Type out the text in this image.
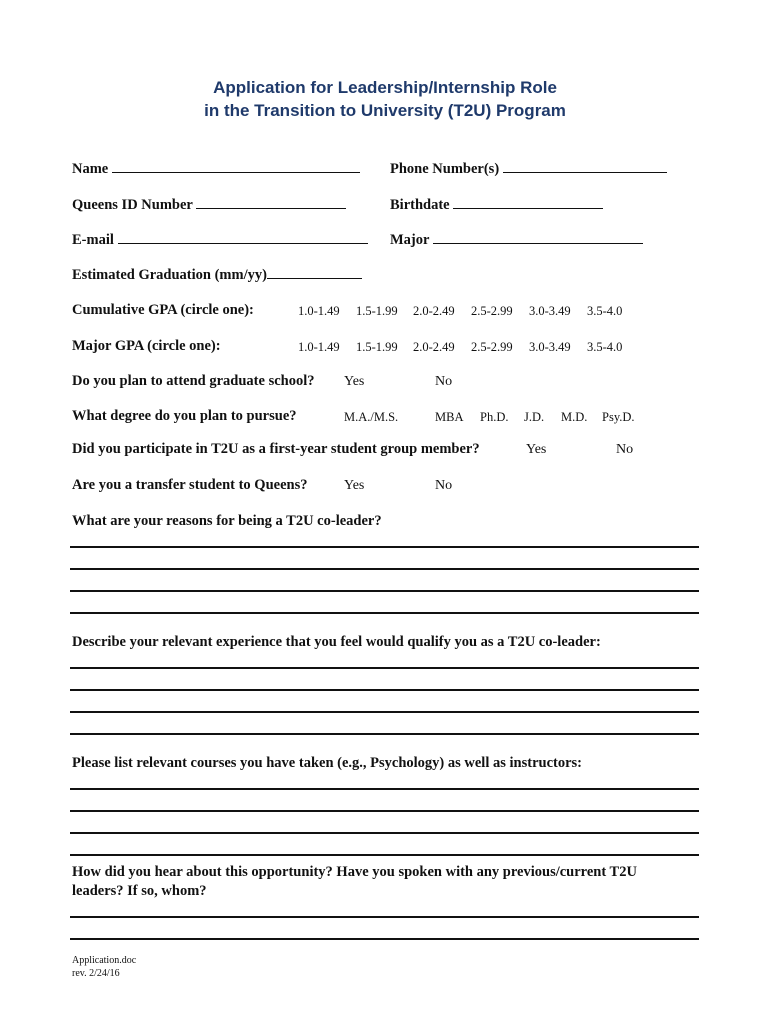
Application for Leadership/Internship Role
in the Transition to University (T2U) Program
Name	Phone Number(s)
Queens ID Number	Birthdate
E-mail	Major
Estimated Graduation (mm/yy)
Cumulative GPA (circle one):	1.0-1.49 1.5-1.99 2.0-2.49 2.5-2.99 3.0-3.49 3.5-4.0
Major GPA (circle one):	1.0-1.49 1.5-1.99 2.0-2.49 2.5-2.99 3.0-3.49 3.5-4.0
Do you plan to attend graduate school? Yes	No
What degree do you plan to pursue?	M.A./M.S.	MBA Ph.D. J.D. M.D. Psy.D.
Did you participate in T2U as a first-year student group member?	Yes	No
Are you a transfer student to Queens?	Yes	No
What are your reasons for being a T2U co-leader?
Describe your relevant experience that you feel would qualify you as a T2U co-leader:
Please list relevant courses you have taken (e.g., Psychology) as well as instructors:
How did you hear about this opportunity? Have you spoken with any previous/current T2U
leaders? If so, whom?
Application.doc
rev. 2/24/16
